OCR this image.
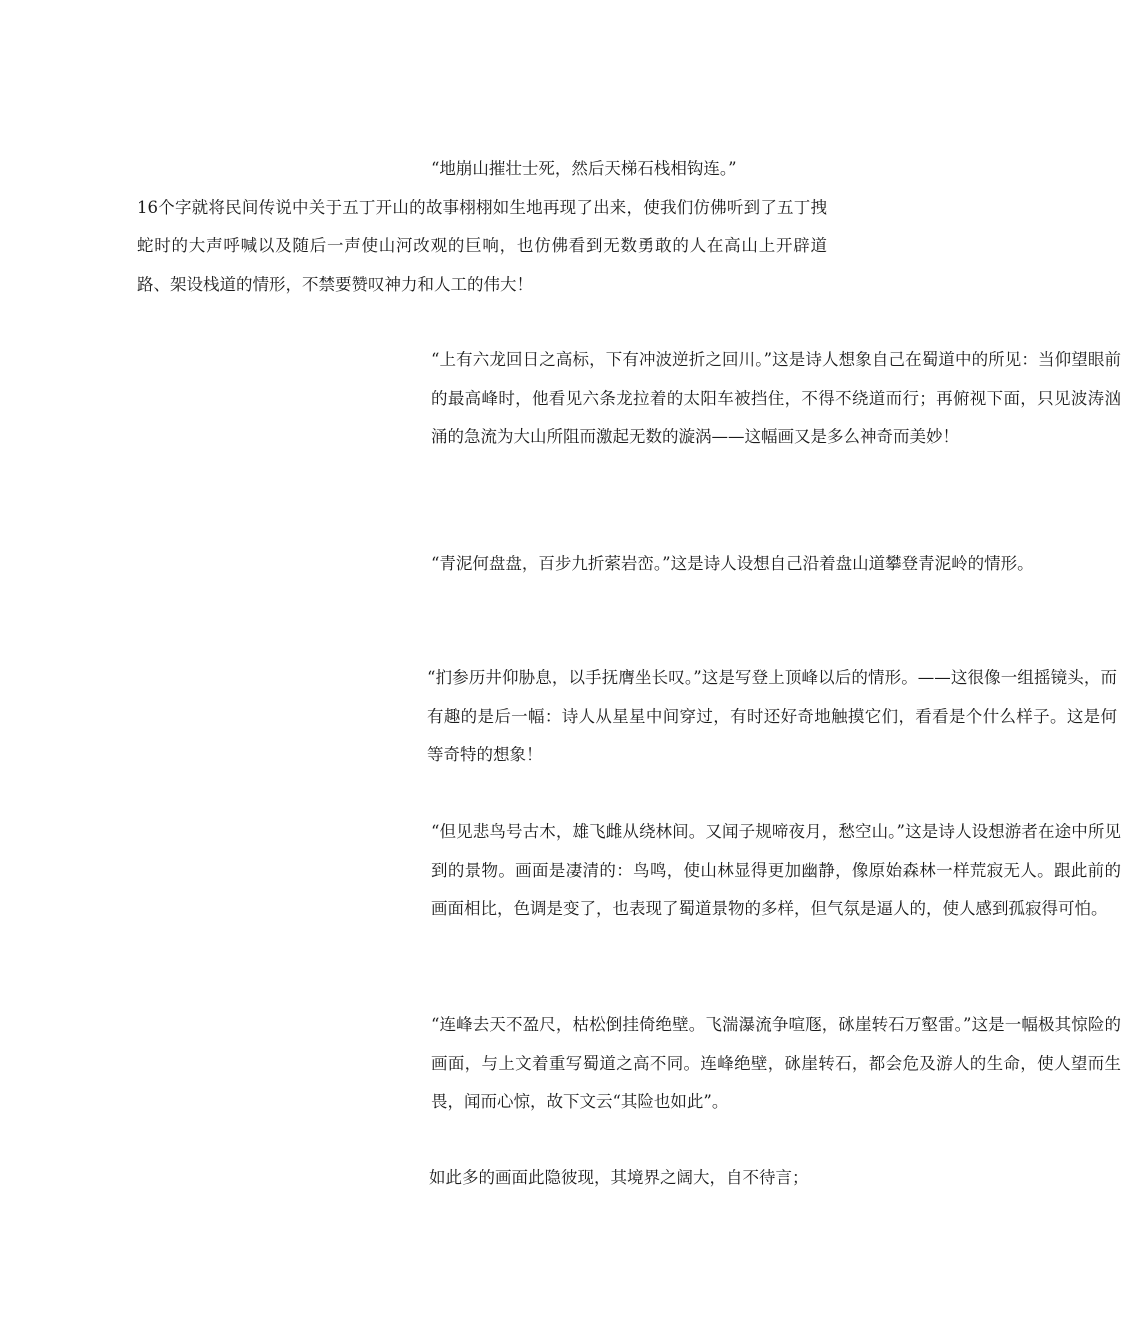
“地崩山摧壮士死，然后天梯石栈相钩连。”
16个字就将民间传说中关于五丁开山的故事栩栩如生地再现了出来，使我们仿佛听到了五丁拽蛇时的大声呼喊以及随后一声使山河改观的巨响，也仿佛看到无数勇敢的人在高山上开辟道路、架设栈道的情形，不禁要赞叹神力和人工的伟大！

“上有六龙回日之高标，下有冲波逆折之回川。”这是诗人想象自己在蜀道中的所见：当仰望眼前的最高峰时，他看见六条龙拉着的太阳车被挡住，不得不绕道而行；再俯视下面，只见波涛汹涌的急流为大山所阻而激起无数的漩涡——这幅画又是多么神奇而美妙！

“青泥何盘盘，百步九折萦岩峦。”这是诗人设想自己沿着盘山道攀登青泥岭的情形。

“扪参历井仰胁息，以手抚膺坐长叹。”这是写登上顶峰以后的情形。——这很像一组摇镜头，而有趣的是后一幅：诗人从星星中间穿过，有时还好奇地触摸它们，看看是个什么样子。这是何等奇特的想象！

“但见悲鸟号古木，雄飞雌从绕林间。又闻子规啼夜月，愁空山。”这是诗人设想游者在途中所见到的景物。画面是凄清的：鸟鸣，使山林显得更加幽静，像原始森林一样荒寂无人。跟此前的画面相比，色调是变了，也表现了蜀道景物的多样，但气氛是逼人的，使人感到孤寂得可怕。

“连峰去天不盈尺，枯松倒挂倚绝壁。飞湍瀑流争喧豗，砯崖转石万壑雷。”这是一幅极其惊险的画面，与上文着重写蜀道之高不同。连峰绝壁，砯崖转石，都会危及游人的生命，使人望而生畏，闻而心惊，故下文云“其险也如此”。

如此多的画面此隐彼现，其境界之阔大，自不待言；
